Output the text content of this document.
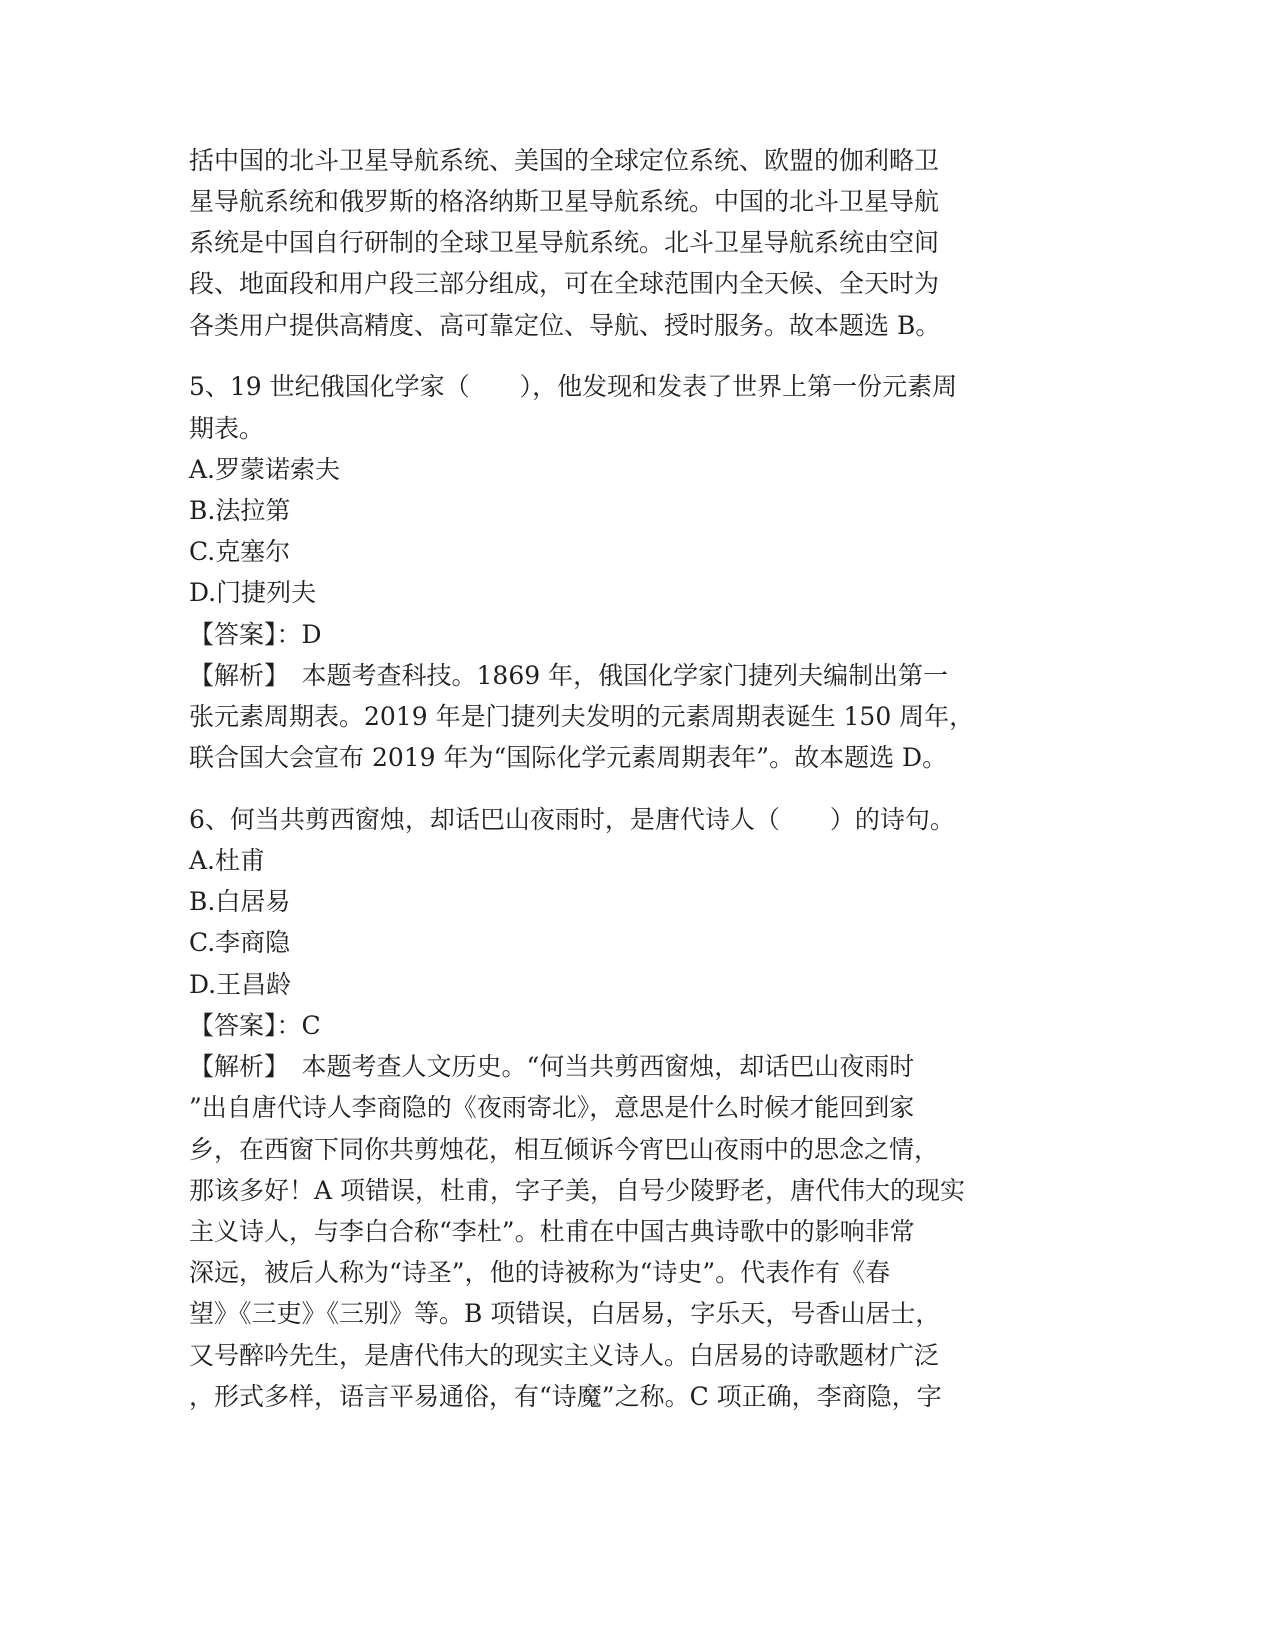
括中国的北斗卫星导航系统、美国的全球定位系统、欧盟的伽利略卫
星导航系统和俄罗斯的格洛纳斯卫星导航系统。中国的北斗卫星导航
系统是中国自行研制的全球卫星导航系统。北斗卫星导航系统由空间
段、地面段和用户段三部分组成，可在全球范围内全天候、全天时为
各类用户提供高精度、高可靠定位、导航、授时服务。故本题选 B。
5、19 世纪俄国化学家（　　），他发现和发表了世界上第一份元素周
期表。
A.罗蒙诺索夫
B.法拉第
C.克塞尔
D.门捷列夫
【答案】：D
【解析】　本题考查科技。1869 年，俄国化学家门捷列夫编制出第一
张元素周期表。2019 年是门捷列夫发明的元素周期表诞生 150 周年，
联合国大会宣布 2019 年为“国际化学元素周期表年”。故本题选 D。
6、何当共剪西窗烛，却话巴山夜雨时，是唐代诗人（　　）的诗句。
A.杜甫
B.白居易
C.李商隐
D.王昌龄
【答案】：C
【解析】　本题考查人文历史。“何当共剪西窗烛，却话巴山夜雨时
”出自唐代诗人李商隐的《夜雨寄北》，意思是什么时候才能回到家
乡，在西窗下同你共剪烛花，相互倾诉今宵巴山夜雨中的思念之情，
那该多好！A 项错误，杜甫，字子美，自号少陵野老，唐代伟大的现实
主义诗人，与李白合称“李杜”。杜甫在中国古典诗歌中的影响非常
深远，被后人称为“诗圣”，他的诗被称为“诗史”。代表作有《春
望》《三吏》《三别》等。B 项错误，白居易，字乐天，号香山居士，
又号醉吟先生，是唐代伟大的现实主义诗人。白居易的诗歌题材广泛
，形式多样，语言平易通俗，有“诗魔”之称。C 项正确，李商隐，字
